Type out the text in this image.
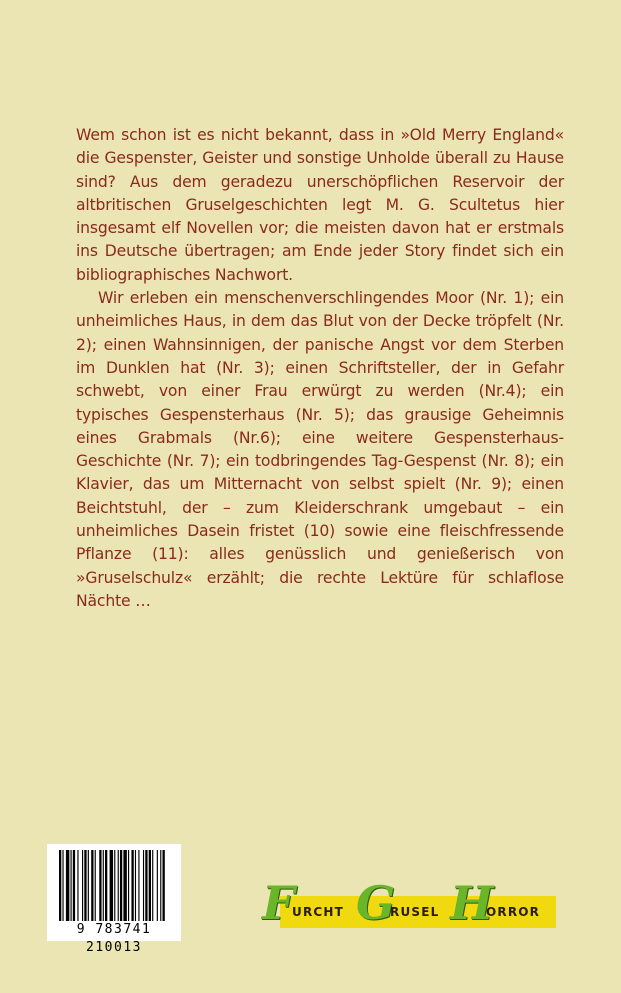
Wem schon ist es nicht bekannt, dass in »Old Merry England« die Gespenster, Geister und sonstige Unholde überall zu Hause sind? Aus dem geradezu unerschöpflichen Reservoir der altbritischen Gruselgeschichten legt M. G. Scultetus hier insgesamt elf Novellen vor; die meisten davon hat er erstmals ins Deutsche übertragen; am Ende jeder Story findet sich ein bibliographisches Nachwort.

Wir erleben ein menschenverschlingendes Moor (Nr. 1); ein unheimliches Haus, in dem das Blut von der Decke tröpfelt (Nr. 2); einen Wahnsinnigen, der panische Angst vor dem Sterben im Dunklen hat (Nr. 3); einen Schriftsteller, der in Gefahr schwebt, von einer Frau erwürgt zu werden (Nr.4); ein typisches Gespensterhaus (Nr. 5); das grausige Geheimnis eines Grabmals (Nr.6); eine weitere Gespensterhaus-Geschichte (Nr. 7); ein todbringendes Tag-Gespenst (Nr. 8); ein Klavier, das um Mitternacht von selbst spielt (Nr. 9); einen Beichtstuhl, der – zum Kleiderschrank umgebaut – ein unheimliches Dasein fristet (10) sowie eine fleischfressende Pflanze (11): alles genüsslich und genießerisch von »Gruselschulz« erzählt; die rechte Lektüre für schlaflose Nächte …

9 783741 210013
F
URCHT G
RUSEL H
ORROR
